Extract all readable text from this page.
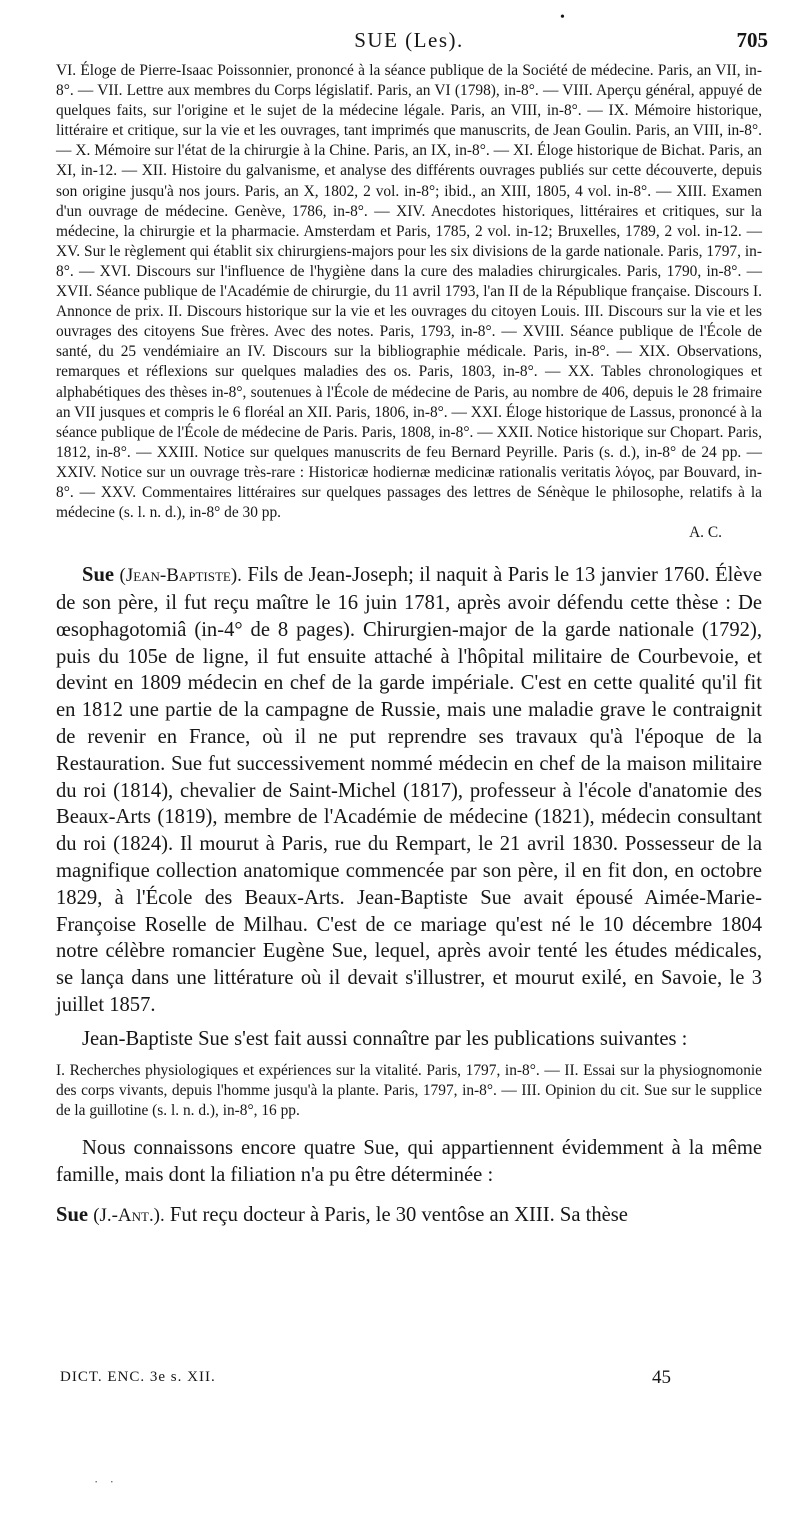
•
SUE (Les).	705

VI. Éloge de Pierre-Isaac Poissonnier, prononcé à la séance publique de la Société de médecine. Paris, an VII, in-8°. — VII. Lettre aux membres du Corps législatif. Paris, an VI (1798), in-8°. — VIII. Aperçu général, appuyé de quelques faits, sur l'origine et le sujet de la médecine légale. Paris, an VIII, in-8°. — IX. Mémoire historique, littéraire et critique, sur la vie et les ouvrages, tant imprimés que manuscrits, de Jean Goulin. Paris, an VIII, in-8°. — X. Mémoire sur l'état de la chirurgie à la Chine. Paris, an IX, in-8°. — XI. Éloge historique de Bichat. Paris, an XI, in-12. — XII. Histoire du galvanisme, et analyse des différents ouvrages publiés sur cette découverte, depuis son origine jusqu'à nos jours. Paris, an X, 1802, 2 vol. in-8°; ibid., an XIII, 1805, 4 vol. in-8°. — XIII. Examen d'un ouvrage de médecine. Genève, 1786, in-8°. — XIV. Anecdotes historiques, littéraires et critiques, sur la médecine, la chirurgie et la pharmacie. Amsterdam et Paris, 1785, 2 vol. in-12; Bruxelles, 1789, 2 vol. in-12. — XV. Sur le règlement qui établit six chirurgiens-majors pour les six divisions de la garde nationale. Paris, 1797, in-8°. — XVI. Discours sur l'influence de l'hygiène dans la cure des maladies chirurgicales. Paris, 1790, in-8°. — XVII. Séance publique de l'Académie de chirurgie, du 11 avril 1793, l'an II de la République française. Discours I. Annonce de prix. II. Discours historique sur la vie et les ouvrages du citoyen Louis. III. Discours sur la vie et les ouvrages des citoyens Sue frères. Avec des notes. Paris, 1793, in-8°. — XVIII. Séance publique de l'École de santé, du 25 vendémiaire an IV. Discours sur la bibliographie médicale. Paris, in-8°. — XIX. Observations, remarques et réflexions sur quelques maladies des os. Paris, 1803, in-8°. — XX. Tables chronologiques et alphabétiques des thèses in-8°, soutenues à l'École de médecine de Paris, au nombre de 406, depuis le 28 frimaire an VII jusques et compris le 6 floréal an XII. Paris, 1806, in-8°. — XXI. Éloge historique de Lassus, prononcé à la séance publique de l'École de médecine de Paris. Paris, 1808, in-8°. — XXII. Notice historique sur Chopart. Paris, 1812, in-8°. — XXIII. Notice sur quelques manuscrits de feu Bernard Peyrille. Paris (s. d.), in-8° de 24 pp. — XXIV. Notice sur un ouvrage très-rare : Historicæ hodiernæ medicinæ rationalis veritatis λόγος, par Bouvard, in-8°. — XXV. Commentaires littéraires sur quelques passages des lettres de Sénèque le philosophe, relatifs à la médecine (s. l. n. d.), in-8° de 30 pp.

A. C.

Sue (Jean-Baptiste). Fils de Jean-Joseph; il naquit à Paris le 13 janvier 1760. Élève de son père, il fut reçu maître le 16 juin 1781, après avoir défendu cette thèse : De œsophagotomiâ (in-4° de 8 pages). Chirurgien-major de la garde nationale (1792), puis du 105e de ligne, il fut ensuite attaché à l'hôpital militaire de Courbevoie, et devint en 1809 médecin en chef de la garde impériale. C'est en cette qualité qu'il fit en 1812 une partie de la campagne de Russie, mais une maladie grave le contraignit de revenir en France, où il ne put reprendre ses travaux qu'à l'époque de la Restauration. Sue fut successivement nommé médecin en chef de la maison militaire du roi (1814), chevalier de Saint-Michel (1817), professeur à l'école d'anatomie des Beaux-Arts (1819), membre de l'Académie de médecine (1821), médecin consultant du roi (1824). Il mourut à Paris, rue du Rempart, le 21 avril 1830. Possesseur de la magnifique collection anatomique commencée par son père, il en fit don, en octobre 1829, à l'École des Beaux-Arts. Jean-Baptiste Sue avait épousé Aimée-Marie-Françoise Roselle de Milhau. C'est de ce mariage qu'est né le 10 décembre 1804 notre célèbre romancier Eugène Sue, lequel, après avoir tenté les études médicales, se lança dans une littérature où il devait s'illustrer, et mourut exilé, en Savoie, le 3 juillet 1857.

Jean-Baptiste Sue s'est fait aussi connaître par les publications suivantes :

I. Recherches physiologiques et expériences sur la vitalité. Paris, 1797, in-8°. — II. Essai sur la physiognomonie des corps vivants, depuis l'homme jusqu'à la plante. Paris, 1797, in-8°. — III. Opinion du cit. Sue sur le supplice de la guillotine (s. l. n. d.), in-8°, 16 pp.

Nous connaissons encore quatre Sue, qui appartiennent évidemment à la même famille, mais dont la filiation n'a pu être déterminée :

Sue (J.-Ant.). Fut reçu docteur à Paris, le 30 ventôse an XIII. Sa thèse

DICT. ENC. 3e s. XII.	45
· ·
